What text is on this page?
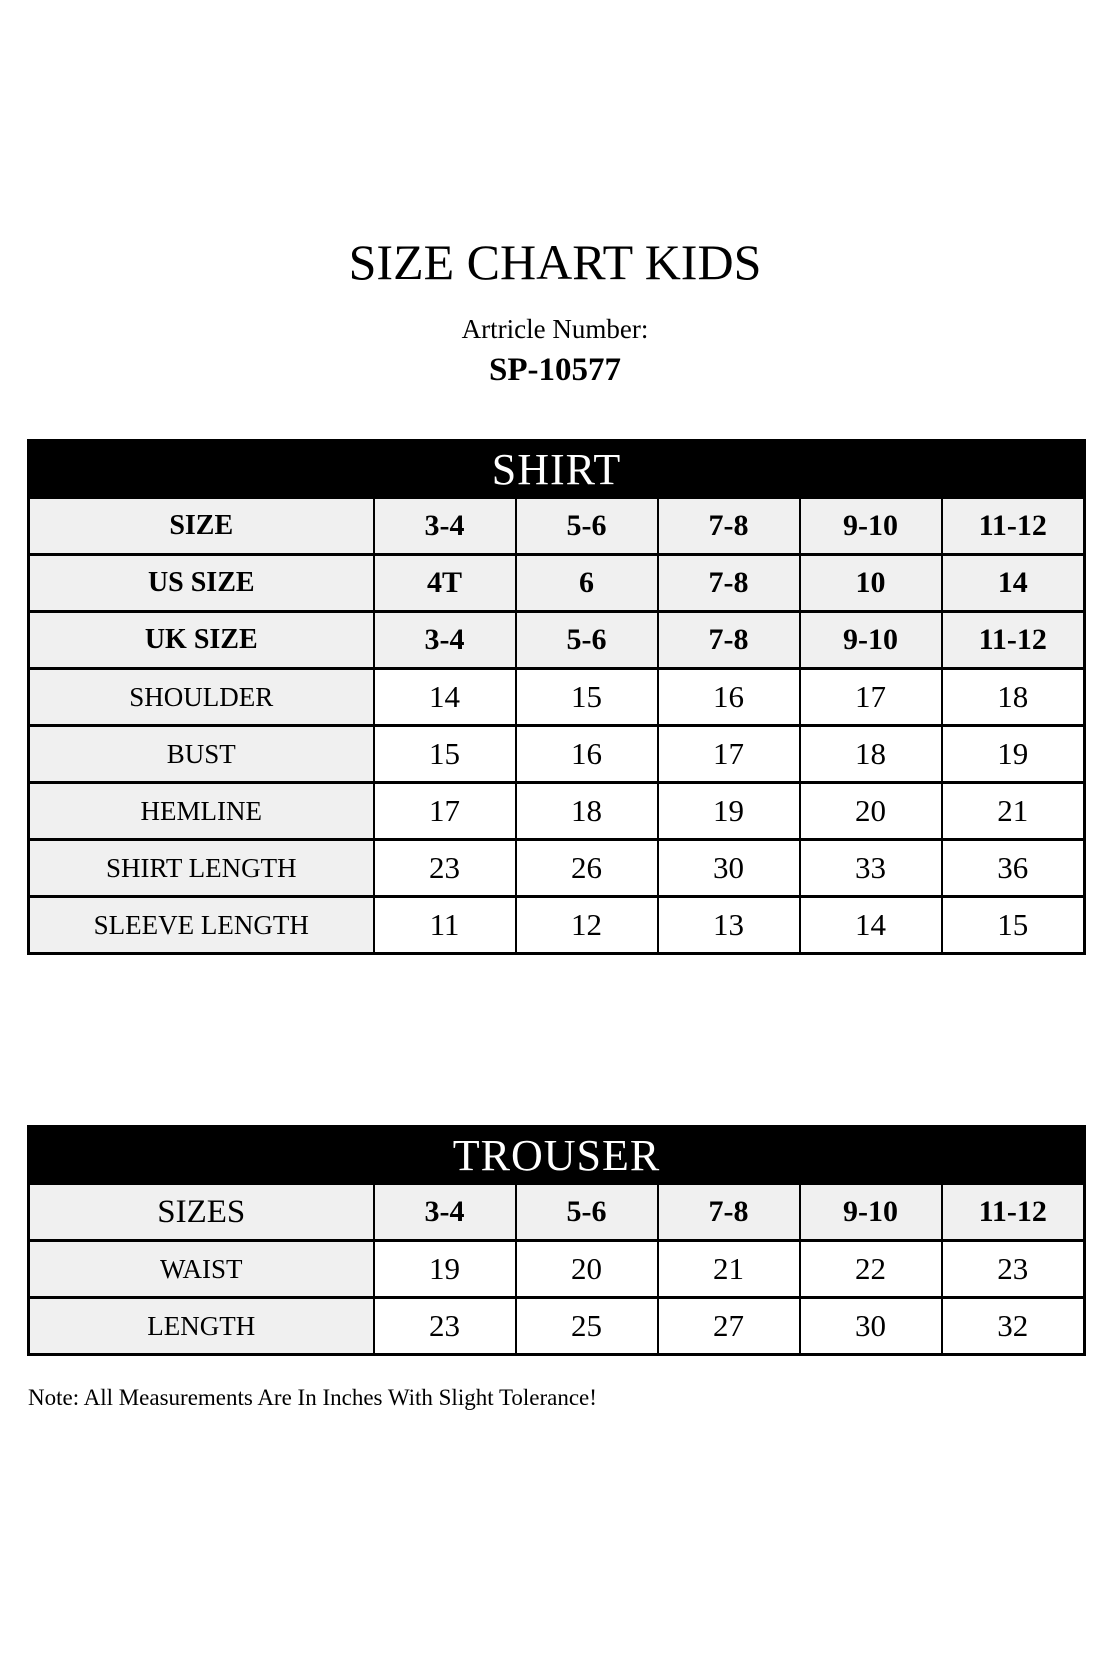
SIZE CHART KIDS
Artricle Number:
SP-10577
SHIRT					
SIZE	3-4	5-6	7-8	9-10	11-12
US SIZE	4T	6	7-8	10	14
UK SIZE	3-4	5-6	7-8	9-10	11-12
SHOULDER	14	15	16	17	18
BUST	15	16	17	18	19
HEMLINE	17	18	19	20	21
SHIRT LENGTH	23	26	30	33	36
SLEEVE LENGTH	11	12	13	14	15
TROUSER					
SIZES	3-4	5-6	7-8	9-10	11-12
WAIST	19	20	21	22	23
LENGTH	23	25	27	30	32
Note: All Measurements Are In Inches With Slight Tolerance!
